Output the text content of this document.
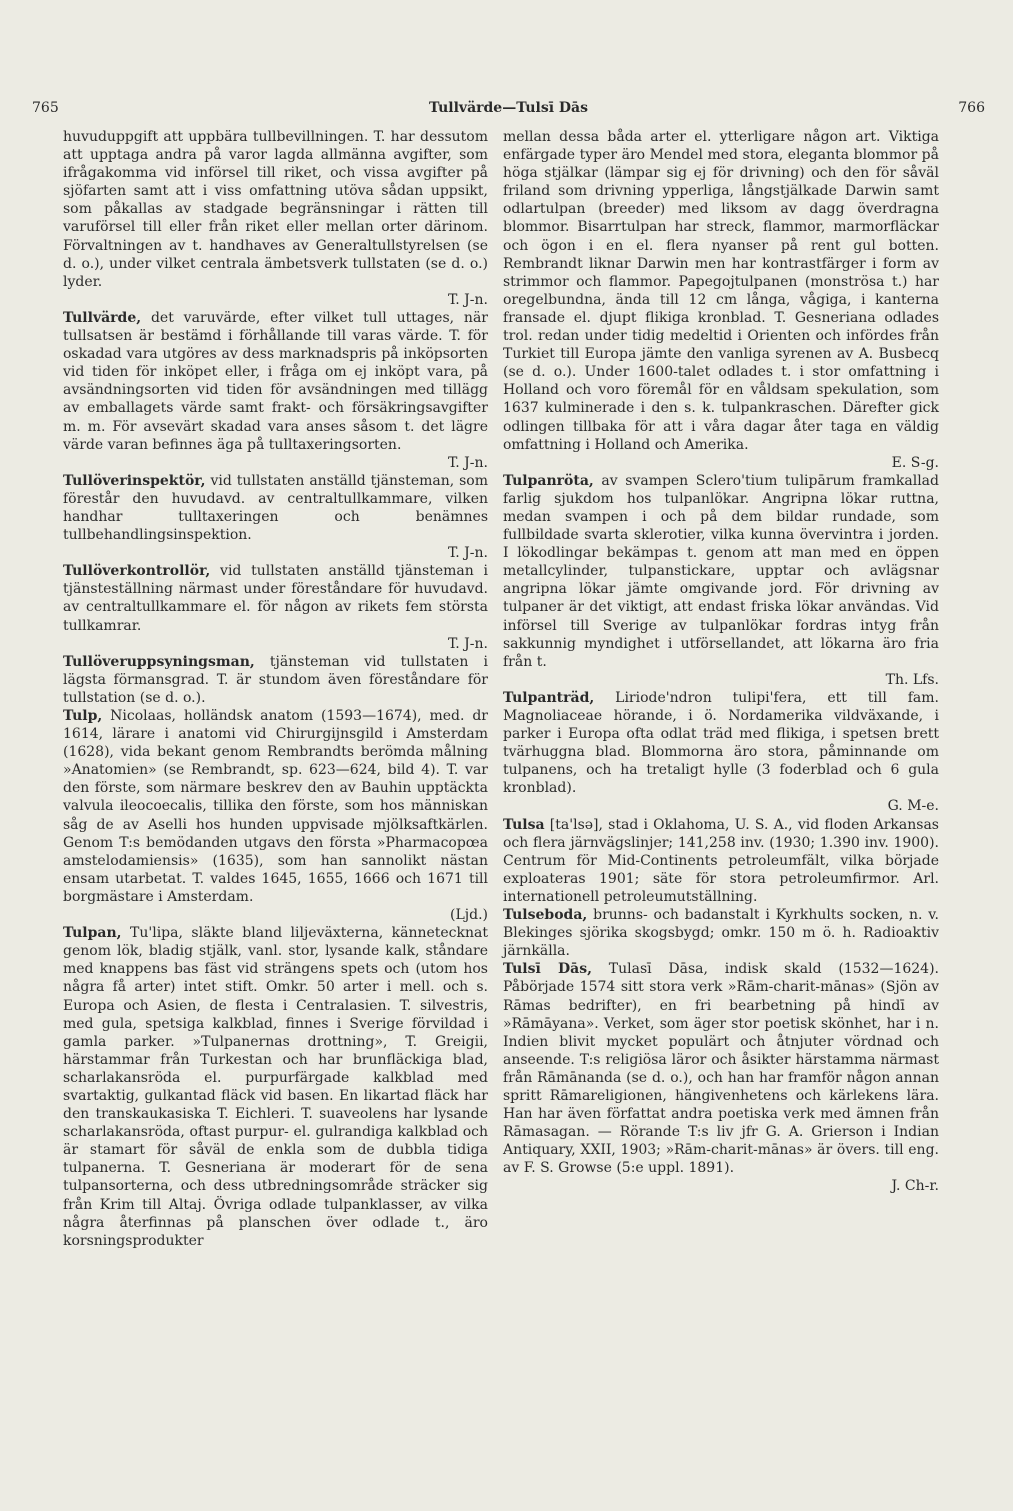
765	Tullvärde—Tulsī Dās	766

huvuduppgift att uppbära tullbevillningen. T. har dessutom att upptaga andra på varor lagda allmänna avgifter, som ifrågakomma vid införsel till riket, och vissa avgifter på sjöfarten samt att i viss omfattning utöva sådan uppsikt, som påkallas av stadgade begränsningar i rätten till varuförsel till eller från riket eller mellan orter därinom. Förvaltningen av t. handhaves av Generaltullstyrelsen (se d. o.), under vilket centrala ämbetsverk tullstaten (se d. o.) lyder.
T. J-n.

Tullvärde, det varuvärde, efter vilket tull uttages, när tullsatsen är bestämd i förhållande till varas värde. T. för oskadad vara utgöres av dess marknadspris på inköpsorten vid tiden för inköpet eller, i fråga om ej inköpt vara, på avsändningsorten vid tiden för avsändningen med tillägg av emballagets värde samt frakt- och försäkringsavgifter m. m. För avsevärt skadad vara anses såsom t. det lägre värde varan befinnes äga på tulltaxeringsorten.
T. J-n.

Tullöverinspektör, vid tullstaten anställd tjänsteman, som förestår den huvudavd. av centraltullkammare, vilken handhar tulltaxeringen och benämnes tullbehandlingsinspektion.
T. J-n.

Tullöverkontrollör, vid tullstaten anställd tjänsteman i tjänsteställning närmast under föreståndare för huvudavd. av centraltullkammare el. för någon av rikets fem största tullkamrar.
T. J-n.

Tullöveruppsyningsman, tjänsteman vid tullstaten i lägsta förmansgrad. T. är stundom även föreståndare för tullstation (se d. o.).

Tulp, Nicolaas, holländsk anatom (1593—1674), med. dr 1614, lärare i anatomi vid Chirurgijnsgild i Amsterdam (1628), vida bekant genom Rembrandts berömda målning »Anatomien» (se Rembrandt, sp. 623—624, bild 4). T. var den förste, som närmare beskrev den av Bauhin upptäckta valvula ileocoecalis, tillika den förste, som hos människan såg de av Aselli hos hunden uppvisade mjölksaftkärlen. Genom T:s bemödanden utgavs den första »Pharmacopœa amstelodamiensis» (1635), som han sannolikt nästan ensam utarbetat. T. valdes 1645, 1655, 1666 och 1671 till borgmästare i Amsterdam.
(Ljd.)

Tulpan, Tu'lipa, släkte bland liljeväxterna, kännetecknat genom lök, bladig stjälk, vanl. stor, lysande kalk, ståndare med knappens bas fäst vid strängens spets och (utom hos några få arter) intet stift. Omkr. 50 arter i mell. och s. Europa och Asien, de flesta i Centralasien. T. silvestris, med gula, spetsiga kalkblad, finnes i Sverige förvildad i gamla parker. »Tulpanernas drottning», T. Greigii, härstammar från Turkestan och har brunfläckiga blad, scharlakansröda el. purpurfärgade kalkblad med svartaktig, gulkantad fläck vid basen. En likartad fläck har den transkaukasiska T. Eichleri. T. suaveolens har lysande scharlakansröda, oftast purpur- el. gulrandiga kalkblad och är stamart för såväl de enkla som de dubbla tidiga tulpanerna. T. Gesneriana är moderart för de sena tulpansorterna, och dess utbredningsområde sträcker sig från Krim till Altaj. Övriga odlade tulpanklasser, av vilka några återfinnas på planschen över odlade t., äro korsningsprodukter

mellan dessa båda arter el. ytterligare någon art. Viktiga enfärgade typer äro Mendel med stora, eleganta blommor på höga stjälkar (lämpar sig ej för drivning) och den för såväl friland som drivning ypperliga, långstjälkade Darwin samt odlartulpan (breeder) med liksom av dagg överdragna blommor. Bisarrtulpan har streck, flammor, marmorfläckar och ögon i en el. flera nyanser på rent gul botten. Rembrandt liknar Darwin men har kontrastfärger i form av strimmor och flammor. Papegojtulpanen (monströsa t.) har oregelbundna, ända till 12 cm långa, vågiga, i kanterna fransade el. djupt flikiga kronblad. T. Gesneriana odlades trol. redan under tidig medeltid i Orienten och infördes från Turkiet till Europa jämte den vanliga syrenen av A. Busbecq (se d. o.). Under 1600-talet odlades t. i stor omfattning i Holland och voro föremål för en våldsam spekulation, som 1637 kulminerade i den s. k. tulpankraschen. Därefter gick odlingen tillbaka för att i våra dagar åter taga en väldig omfattning i Holland och Amerika.
E. S-g.

Tulpanröta, av svampen Sclero'tium tulipārum framkallad farlig sjukdom hos tulpanlökar. Angripna lökar ruttna, medan svampen i och på dem bildar rundade, som fullbildade svarta sklerotier, vilka kunna övervintra i jorden. I lökodlingar bekämpas t. genom att man med en öppen metallcylinder, tulpanstickare, upptar och avlägsnar angripna lökar jämte omgivande jord. För drivning av tulpaner är det viktigt, att endast friska lökar användas. Vid införsel till Sverige av tulpanlökar fordras intyg från sakkunnig myndighet i utförsellandet, att lökarna äro fria från t.
Th. Lfs.

Tulpanträd, Liriode'ndron tulipi'fera, ett till fam. Magnoliaceae hörande, i ö. Nordamerika vildväxande, i parker i Europa ofta odlat träd med flikiga, i spetsen brett tvärhuggna blad. Blommorna äro stora, påminnande om tulpanens, och ha tretaligt hylle (3 foderblad och 6 gula kronblad).
G. M-e.

Tulsa [ta'lsə], stad i Oklahoma, U. S. A., vid floden Arkansas och flera järnvägslinjer; 141,258 inv. (1930; 1.390 inv. 1900). Centrum för Mid-Continents petroleumfält, vilka började exploateras 1901; säte för stora petroleumfirmor. Arl. internationell petroleumutställning.

Tulseboda, brunns- och badanstalt i Kyrkhults socken, n. v. Blekinges sjörika skogsbygd; omkr. 150 m ö. h. Radioaktiv järnkälla.

Tulsī Dās, Tulasī Dāsa, indisk skald (1532—1624). Påbörjade 1574 sitt stora verk »Rām-charit-mānas» (Sjön av Rāmas bedrifter), en fri bearbetning på hindī av »Rāmāyana». Verket, som äger stor poetisk skönhet, har i n. Indien blivit mycket populärt och åtnjuter vördnad och anseende. T:s religiösa läror och åsikter härstamma närmast från Rāmānanda (se d. o.), och han har framför någon annan spritt Rāmareligionen, hängivenhetens och kärlekens lära. Han har även författat andra poetiska verk med ämnen från Rāmasagan. — Rörande T:s liv jfr G. A. Grierson i Indian Antiquary, XXII, 1903; »Rām-charit-mānas» är övers. till eng. av F. S. Growse (5:e uppl. 1891).
J. Ch-r.
